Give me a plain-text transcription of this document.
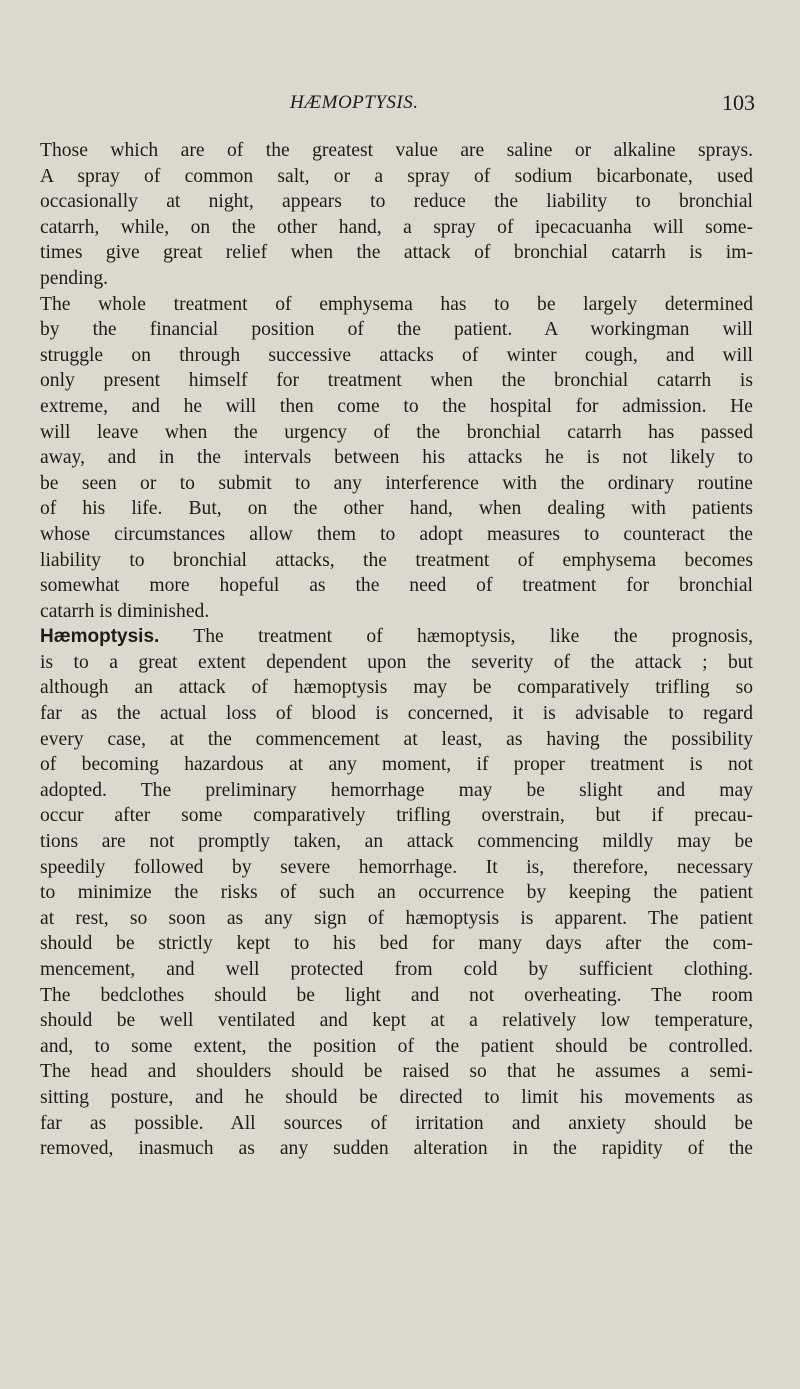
HÆMOPTYSIS.	103
Those which are of the greatest value are saline or alkaline sprays.
A spray of common salt, or a spray of sodium bicarbonate, used
occasionally at night, appears to reduce the liability to bronchial
catarrh, while, on the other hand, a spray of ipecacuanha will some-
times give great relief when the attack of bronchial catarrh is im-
pending.
The whole treatment of emphysema has to be largely determined
by the financial position of the patient. A workingman will
struggle on through successive attacks of winter cough, and will
only present himself for treatment when the bronchial catarrh is
extreme, and he will then come to the hospital for admission. He
will leave when the urgency of the bronchial catarrh has passed
away, and in the intervals between his attacks he is not likely to
be seen or to submit to any interference with the ordinary routine
of his life. But, on the other hand, when dealing with patients
whose circumstances allow them to adopt measures to counteract the
liability to bronchial attacks, the treatment of emphysema becomes
somewhat more hopeful as the need of treatment for bronchial
catarrh is diminished.
Hæmoptysis. The treatment of hæmoptysis, like the prognosis,
is to a great extent dependent upon the severity of the attack ; but
although an attack of hæmoptysis may be comparatively trifling so
far as the actual loss of blood is concerned, it is advisable to regard
every case, at the commencement at least, as having the possibility
of becoming hazardous at any moment, if proper treatment is not
adopted. The preliminary hemorrhage may be slight and may
occur after some comparatively trifling overstrain, but if precau-
tions are not promptly taken, an attack commencing mildly may be
speedily followed by severe hemorrhage. It is, therefore, necessary
to minimize the risks of such an occurrence by keeping the patient
at rest, so soon as any sign of hæmoptysis is apparent. The patient
should be strictly kept to his bed for many days after the com-
mencement, and well protected from cold by sufficient clothing.
The bedclothes should be light and not overheating. The room
should be well ventilated and kept at a relatively low temperature,
and, to some extent, the position of the patient should be controlled.
The head and shoulders should be raised so that he assumes a semi-
sitting posture, and he should be directed to limit his movements as
far as possible. All sources of irritation and anxiety should be
removed, inasmuch as any sudden alteration in the rapidity of the
